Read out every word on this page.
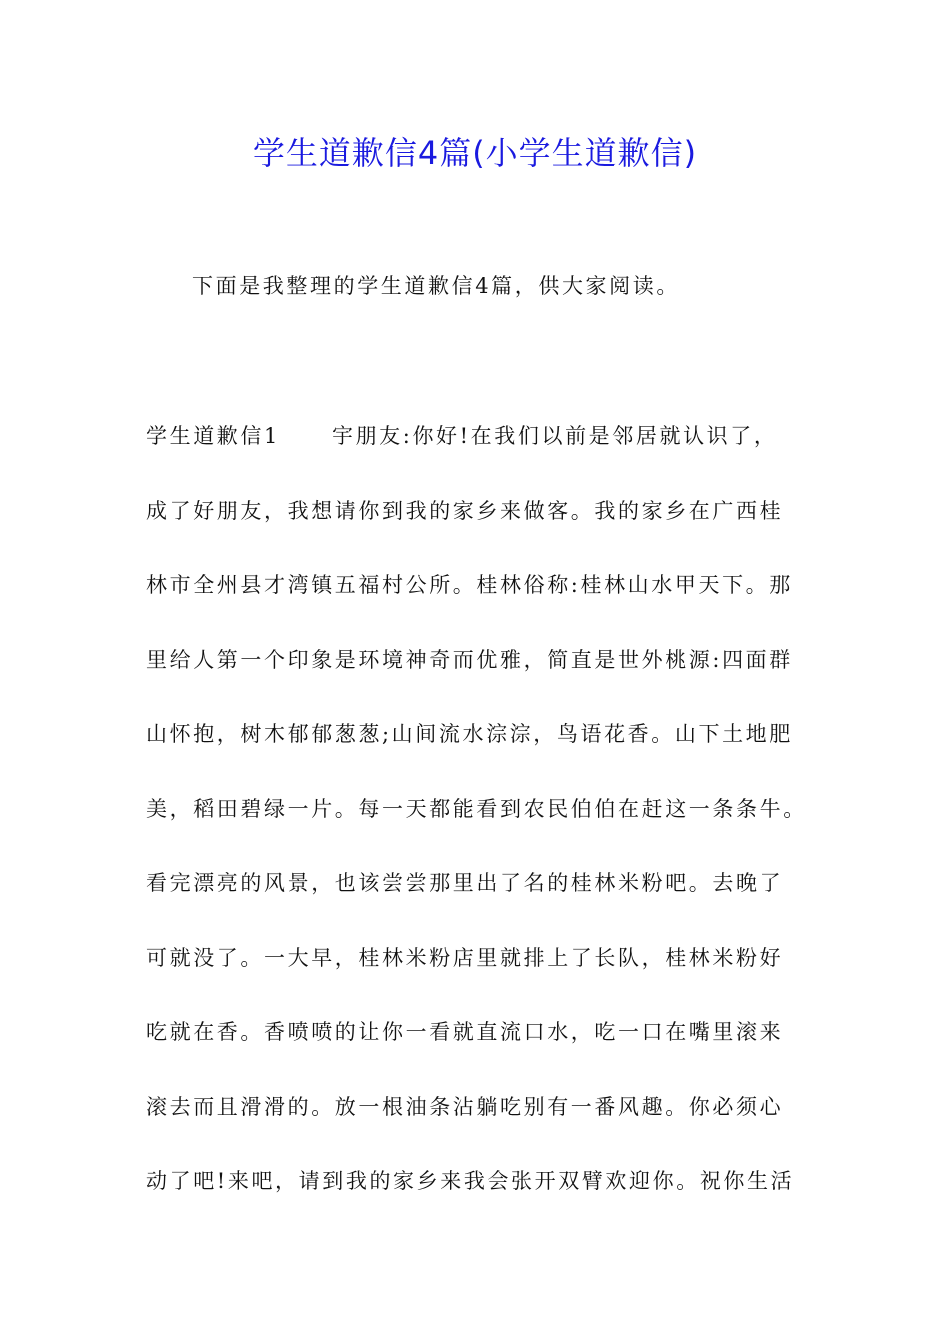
学生道歉信4篇(小学生道歉信)

下面是我整理的学生道歉信4篇，供大家阅读。

学生道歉信1 宇朋友:你好!在我们以前是邻居就认识了，
成了好朋友，我想请你到我的家乡来做客。我的家乡在广西桂
林市全州县才湾镇五福村公所。桂林俗称:桂林山水甲天下。那
里给人第一个印象是环境神奇而优雅，简直是世外桃源:四面群
山怀抱，树木郁郁葱葱;山间流水淙淙，鸟语花香。山下土地肥
美，稻田碧绿一片。每一天都能看到农民伯伯在赶这一条条牛。
看完漂亮的风景，也该尝尝那里出了名的桂林米粉吧。去晚了
可就没了。一大早，桂林米粉店里就排上了长队，桂林米粉好
吃就在香。香喷喷的让你一看就直流口水，吃一口在嘴里滚来
滚去而且滑滑的。放一根油条沾躺吃别有一番风趣。你必须心
动了吧!来吧，请到我的家乡来我会张开双臂欢迎你。祝你生活
